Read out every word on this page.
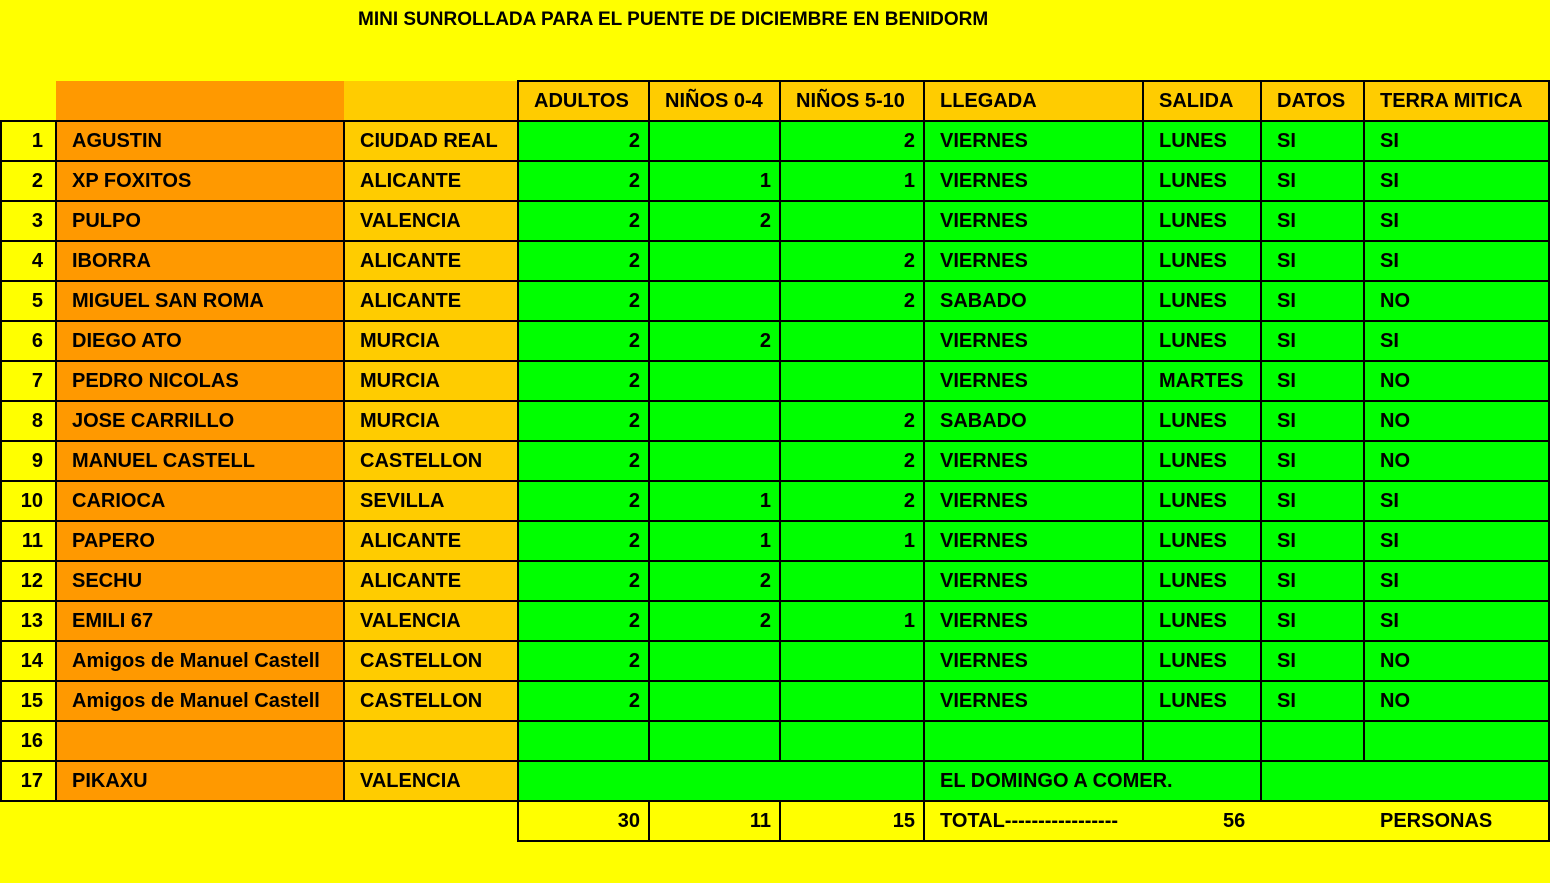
MINI SUNROLLADA PARA EL PUENTE DE DICIEMBRE EN BENIDORM
			ADULTOS	NIÑOS 0-4	NIÑOS 5-10	LLEGADA	SALIDA	DATOS	TERRA MITICA
1	AGUSTIN	CIUDAD REAL	2		2	VIERNES	LUNES	SI	SI
2	XP FOXITOS	ALICANTE	2	1	1	VIERNES	LUNES	SI	SI
3	PULPO	VALENCIA	2	2		VIERNES	LUNES	SI	SI
4	IBORRA	ALICANTE	2		2	VIERNES	LUNES	SI	SI
5	MIGUEL SAN ROMA	ALICANTE	2		2	SABADO	LUNES	SI	NO
6	DIEGO ATO	MURCIA	2	2		VIERNES	LUNES	SI	SI
7	PEDRO NICOLAS	MURCIA	2			VIERNES	MARTES	SI	NO
8	JOSE CARRILLO	MURCIA	2		2	SABADO	LUNES	SI	NO
9	MANUEL CASTELL	CASTELLON	2		2	VIERNES	LUNES	SI	NO
10	CARIOCA	SEVILLA	2	1	2	VIERNES	LUNES	SI	SI
11	PAPERO	ALICANTE	2	1	1	VIERNES	LUNES	SI	SI
12	SECHU	ALICANTE	2	2		VIERNES	LUNES	SI	SI
13	EMILI 67	VALENCIA	2	2	1	VIERNES	LUNES	SI	SI
14	Amigos de Manuel Castell	CASTELLON	2			VIERNES	LUNES	SI	NO
15	Amigos de Manuel Castell	CASTELLON	2			VIERNES	LUNES	SI	NO
16									
17	PIKAXU	VALENCIA				EL DOMINGO A COMER.			
			30	11	15	TOTAL----------------- 56 PERSONAS			
